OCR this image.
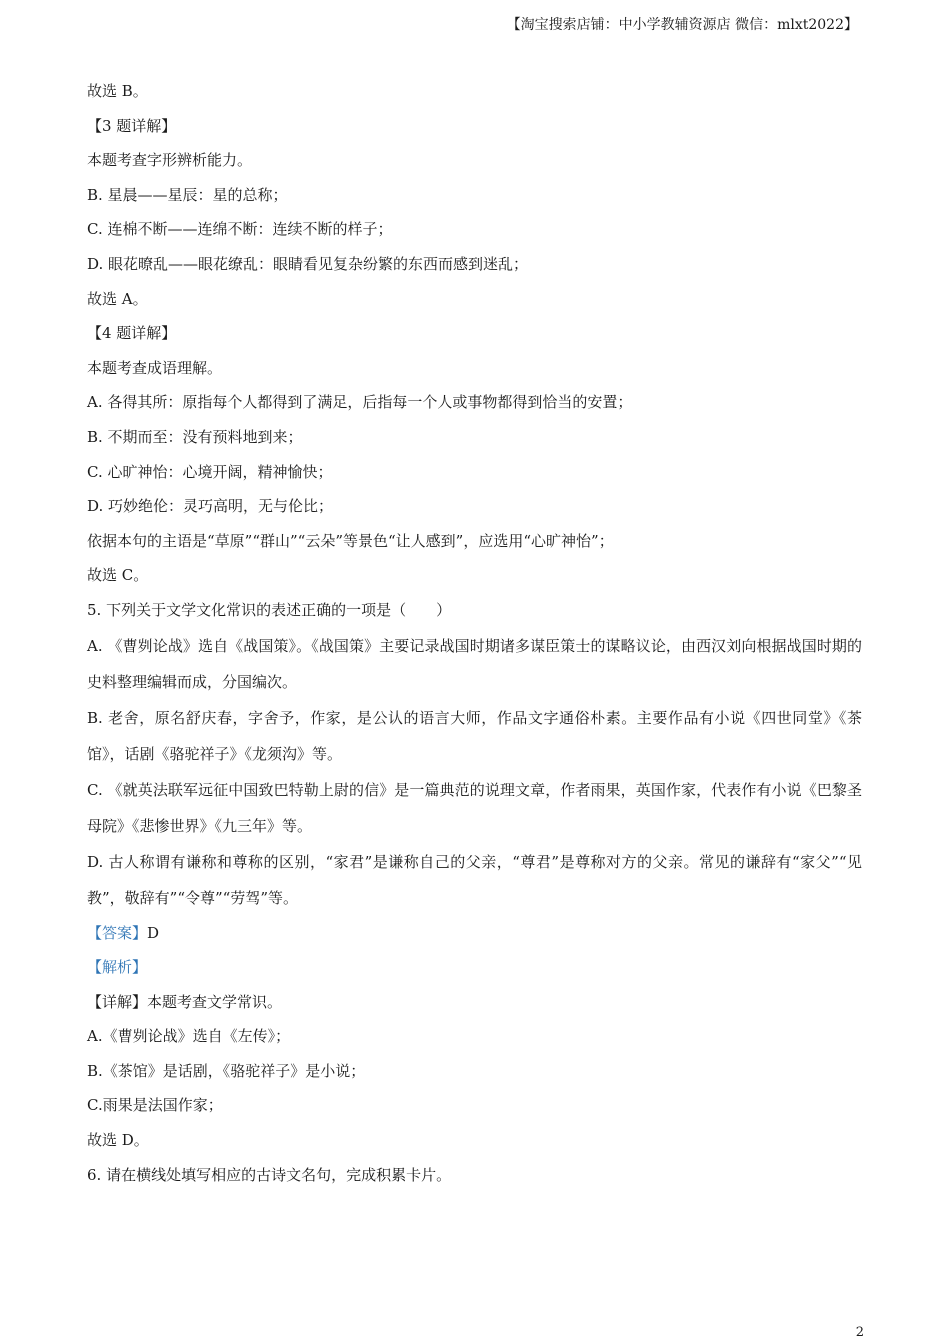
【淘宝搜索店铺：中小学教辅资源店 微信：mlxt2022】
故选 B。
【3 题详解】
本题考查字形辨析能力。
B. 星晨——星辰：星的总称；
C. 连棉不断——连绵不断：连续不断的样子；
D. 眼花暸乱——眼花缭乱：眼睛看见复杂纷繁的东西而感到迷乱；
故选 A。
【4 题详解】
本题考查成语理解。
A. 各得其所：原指每个人都得到了满足，后指每一个人或事物都得到恰当的安置；
B. 不期而至：没有预料地到来；
C. 心旷神怡：心境开阔，精神愉快；
D. 巧妙绝伦：灵巧高明，无与伦比；
依据本句的主语是“草原”“群山”“云朵”等景色“让人感到”，应选用“心旷神怡”；
故选 C。
5. 下列关于文学文化常识的表述正确的一项是（　　）
A. 《曹刿论战》选自《战国策》。《战国策》主要记录战国时期诸多谋臣策士的谋略议论，由西汉刘向根据战国时期的史料整理编辑而成，分国编次。
B. 老舍，原名舒庆春，字舍予，作家，是公认的语言大师，作品文字通俗朴素。主要作品有小说《四世同堂》《茶馆》，话剧《骆驼祥子》《龙须沟》等。
C. 《就英法联军远征中国致巴特勒上尉的信》是一篇典范的说理文章，作者雨果，英国作家，代表作有小说《巴黎圣母院》《悲惨世界》《九三年》等。
D. 古人称谓有谦称和尊称的区别，“家君”是谦称自己的父亲，“尊君”是尊称对方的父亲。常见的谦辞有“家父”“见教”，敬辞有”“令尊”“劳驾”等。
【答案】D
【解析】
【详解】本题考查文学常识。
A.《曹刿论战》选自《左传》；
B.《茶馆》是话剧，《骆驼祥子》是小说；
C.雨果是法国作家；
故选 D。
6. 请在横线处填写相应的古诗文名句，完成积累卡片。
2
